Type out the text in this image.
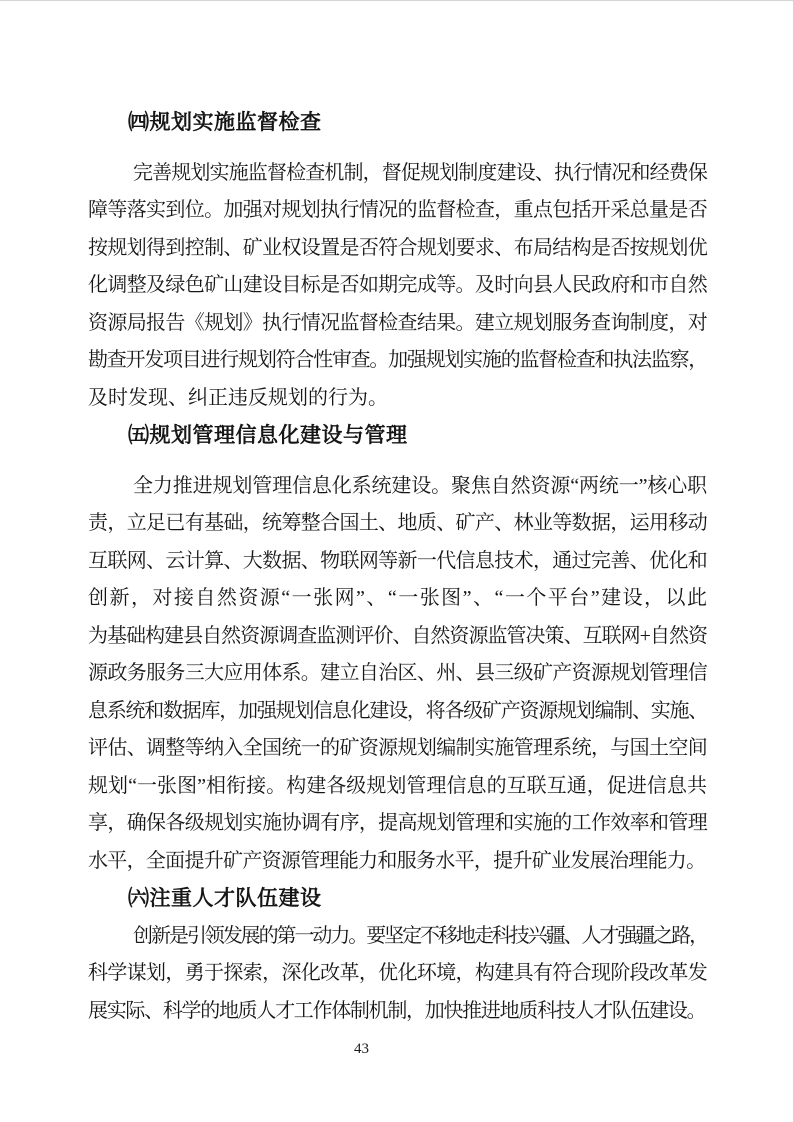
㈣规划实施监督检查
完善规划实施监督检查机制，督促规划制度建设、执行情况和经费保
障等落实到位。加强对规划执行情况的监督检查，重点包括开采总量是否
按规划得到控制、矿业权设置是否符合规划要求、布局结构是否按规划优
化调整及绿色矿山建设目标是否如期完成等。及时向县人民政府和市自然
资源局报告《规划》执行情况监督检查结果。建立规划服务查询制度，对
勘查开发项目进行规划符合性审查。加强规划实施的监督检查和执法监察，
及时发现、纠正违反规划的行为。
㈤规划管理信息化建设与管理
全力推进规划管理信息化系统建设。聚焦自然资源“两统一”核心职
责，立足已有基础，统筹整合国土、地质、矿产、林业等数据，运用移动
互联网、云计算、大数据、物联网等新一代信息技术，通过完善、优化和
创新，对接自然资源“一张网”、“一张图”、“一个平台”建设，以此
为基础构建县自然资源调查监测评价、自然资源监管决策、互联网+自然资
源政务服务三大应用体系。建立自治区、州、县三级矿产资源规划管理信
息系统和数据库，加强规划信息化建设，将各级矿产资源规划编制、实施、
评估、调整等纳入全国统一的矿资源规划编制实施管理系统，与国土空间
规划“一张图”相衔接。构建各级规划管理信息的互联互通，促进信息共
享，确保各级规划实施协调有序，提高规划管理和实施的工作效率和管理
水平，全面提升矿产资源管理能力和服务水平，提升矿业发展治理能力。
㈥注重人才队伍建设
创新是引领发展的第一动力。要坚定不移地走科技兴疆、人才强疆之路，
科学谋划，勇于探索，深化改革，优化环境，构建具有符合现阶段改革发
展实际、科学的地质人才工作体制机制，加快推进地质科技人才队伍建设。
43
